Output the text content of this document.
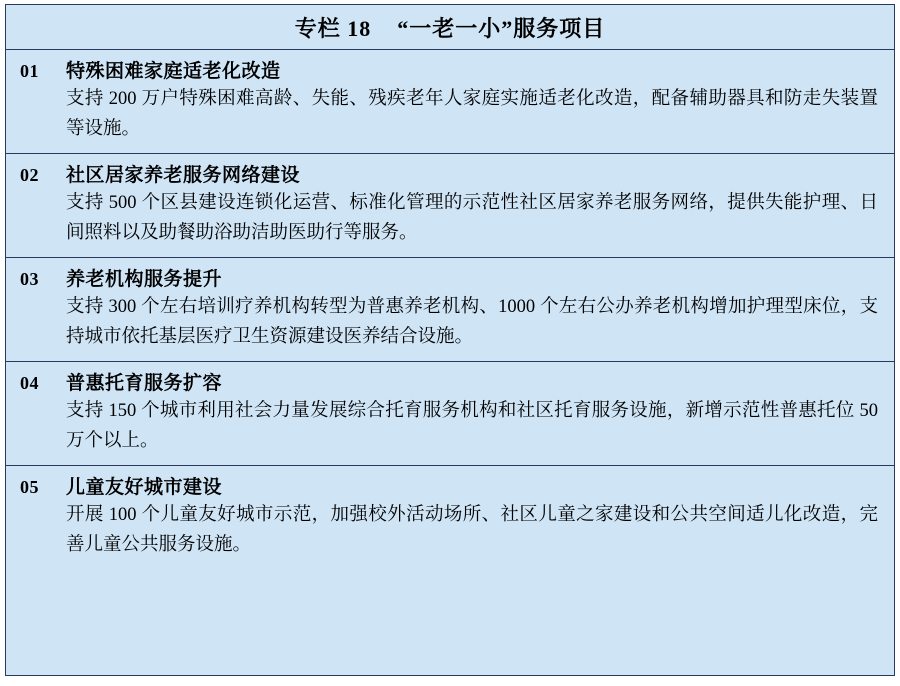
专栏 18    “一老一小”服务项目
01	特殊困难家庭适老化改造
支持 200 万户特殊困难高龄、失能、残疾老年人家庭实施适老化改造，配备辅助器具和防走失装置等设施。
02	社区居家养老服务网络建设
支持 500 个区县建设连锁化运营、标准化管理的示范性社区居家养老服务网络，提供失能护理、日间照料以及助餐助浴助洁助医助行等服务。
03	养老机构服务提升
支持 300 个左右培训疗养机构转型为普惠养老机构、1000 个左右公办养老机构增加护理型床位，支持城市依托基层医疗卫生资源建设医养结合设施。
04	普惠托育服务扩容
支持 150 个城市利用社会力量发展综合托育服务机构和社区托育服务设施，新增示范性普惠托位 50 万个以上。
05	儿童友好城市建设
开展 100 个儿童友好城市示范，加强校外活动场所、社区儿童之家建设和公共空间适儿化改造，完善儿童公共服务设施。
